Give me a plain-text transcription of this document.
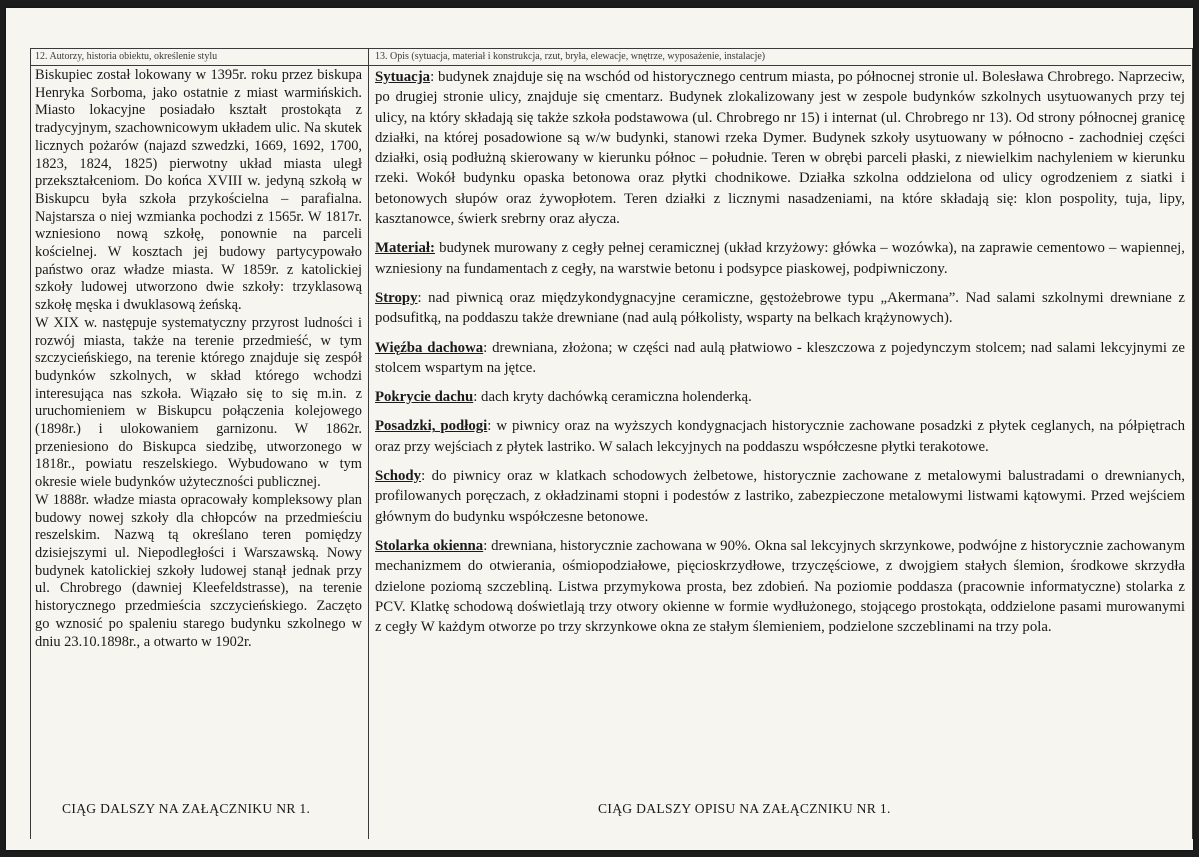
12. Autorzy, historia obiektu, określenie stylu	13. Opis (sytuacja, materiał i konstrukcja, rzut, bryła, elewacje, wnętrze, wyposażenie, instalacje)

Biskupiec został lokowany w 1395r. roku przez biskupa Henryka Sorboma, jako ostatnie z miast warmińskich. Miasto lokacyjne posiadało kształt prostokąta z tradycyjnym, szachownicowym układem ulic. Na skutek licznych pożarów (najazd szwedzki, 1669, 1692, 1700, 1823, 1824, 1825) pierwotny układ miasta uległ przekształceniom. Do końca XVIII w. jedyną szkołą w Biskupcu była szkoła przykościelna – parafialna. Najstarsza o niej wzmianka pochodzi z 1565r. W 1817r. wzniesiono nową szkołę, ponownie na parceli kościelnej. W kosztach jej budowy partycypowało państwo oraz władze miasta. W 1859r. z katolickiej szkoły ludowej utworzono dwie szkoły: trzyklasową szkołę męska i dwuklasową żeńską.

W XIX w. następuje systematyczny przyrost ludności i rozwój miasta, także na terenie przedmieść, w tym szczycieńskiego, na terenie którego znajduje się zespół budynków szkolnych, w skład którego wchodzi interesująca nas szkoła. Wiązało się to się m.in. z uruchomieniem w Biskupcu połączenia kolejowego (1898r.) i ulokowaniem garnizonu. W 1862r. przeniesiono do Biskupca siedzibę, utworzonego w 1818r., powiatu reszelskiego. Wybudowano w tym okresie wiele budynków użyteczności publicznej.

W 1888r. władze miasta opracowały kompleksowy plan budowy nowej szkoły dla chłopców na przedmieściu reszelskim. Nazwą tą określano teren pomiędzy dzisiejszymi ul. Niepodległości i Warszawską. Nowy budynek katolickiej szkoły ludowej stanął jednak przy ul. Chrobrego (dawniej Kleefeldstrasse), na terenie historycznego przedmieścia szczycieńskiego. Zaczęto go wznosić po spaleniu starego budynku szkolnego w dniu 23.10.1898r., a otwarto w 1902r.

CIĄG DALSZY NA ZAŁĄCZNIKU NR 1.

Sytuacja: budynek znajduje się na wschód od historycznego centrum miasta, po północnej stronie ul. Bolesława Chrobrego. Naprzeciw, po drugiej stronie ulicy, znajduje się cmentarz. Budynek zlokalizowany jest w zespole budynków szkolnych usytuowanych przy tej ulicy, na który składają się także szkoła podstawowa (ul. Chrobrego nr 15) i internat (ul. Chrobrego nr 13). Od strony północnej granicę działki, na której posadowione są w/w budynki, stanowi rzeka Dymer. Budynek szkoły usytuowany w północno - zachodniej części działki, osią podłużną skierowany w kierunku północ – południe. Teren w obrębi parceli płaski, z niewielkim nachyleniem w kierunku rzeki. Wokół budynku opaska betonowa oraz płytki chodnikowe. Działka szkolna oddzielona od ulicy ogrodzeniem z siatki i betonowych słupów oraz żywopłotem. Teren działki z licznymi nasadzeniami, na które składają się: klon pospolity, tuja, lipy, kasztanowce, świerk srebrny oraz ałycza.

Materiał: budynek murowany z cegły pełnej ceramicznej (układ krzyżowy: główka – wozówka), na zaprawie cementowo – wapiennej, wzniesiony na fundamentach z cegły, na warstwie betonu i podsypce piaskowej, podpiwniczony.

Stropy: nad piwnicą oraz międzykondygnacyjne ceramiczne, gęstożebrowe typu „Akermana”. Nad salami szkolnymi drewniane z podsufitką, na poddaszu także drewniane (nad aulą półkolisty, wsparty na belkach krążynowych).

Więźba dachowa: drewniana, złożona; w części nad aulą płatwiowo - kleszczowa z pojedynczym stolcem; nad salami lekcyjnymi ze stolcem wspartym na jętce.

Pokrycie dachu: dach kryty dachówką ceramiczna holenderką.

Posadzki, podłogi: w piwnicy oraz na wyższych kondygnacjach historycznie zachowane posadzki z płytek ceglanych, na półpiętrach oraz przy wejściach z płytek lastriko. W salach lekcyjnych na poddaszu współczesne płytki terakotowe.

Schody: do piwnicy oraz w klatkach schodowych żelbetowe, historycznie zachowane z metalowymi balustradami o drewnianych, profilowanych poręczach, z okładzinami stopni i podestów z lastriko, zabezpieczone metalowymi listwami kątowymi. Przed wejściem głównym do budynku współczesne betonowe.

Stolarka okienna: drewniana, historycznie zachowana w 90%. Okna sal lekcyjnych skrzynkowe, podwójne z historycznie zachowanym mechanizmem do otwierania, ośmiopodziałowe, pięcioskrzydłowe, trzyczęściowe, z dwojgiem stałych ślemion, środkowe skrzydła dzielone poziomą szczebliną. Listwa przymykowa prosta, bez zdobień. Na poziomie poddasza (pracownie informatyczne) stolarka z PCV. Klatkę schodową doświetlają trzy otwory okienne w formie wydłużonego, stojącego prostokąta, oddzielone pasami murowanymi z cegły W każdym otworze po trzy skrzynkowe okna ze stałym ślemieniem, podzielone szczeblinami na trzy pola.

CIĄG DALSZY OPISU NA ZAŁĄCZNIKU NR 1.
